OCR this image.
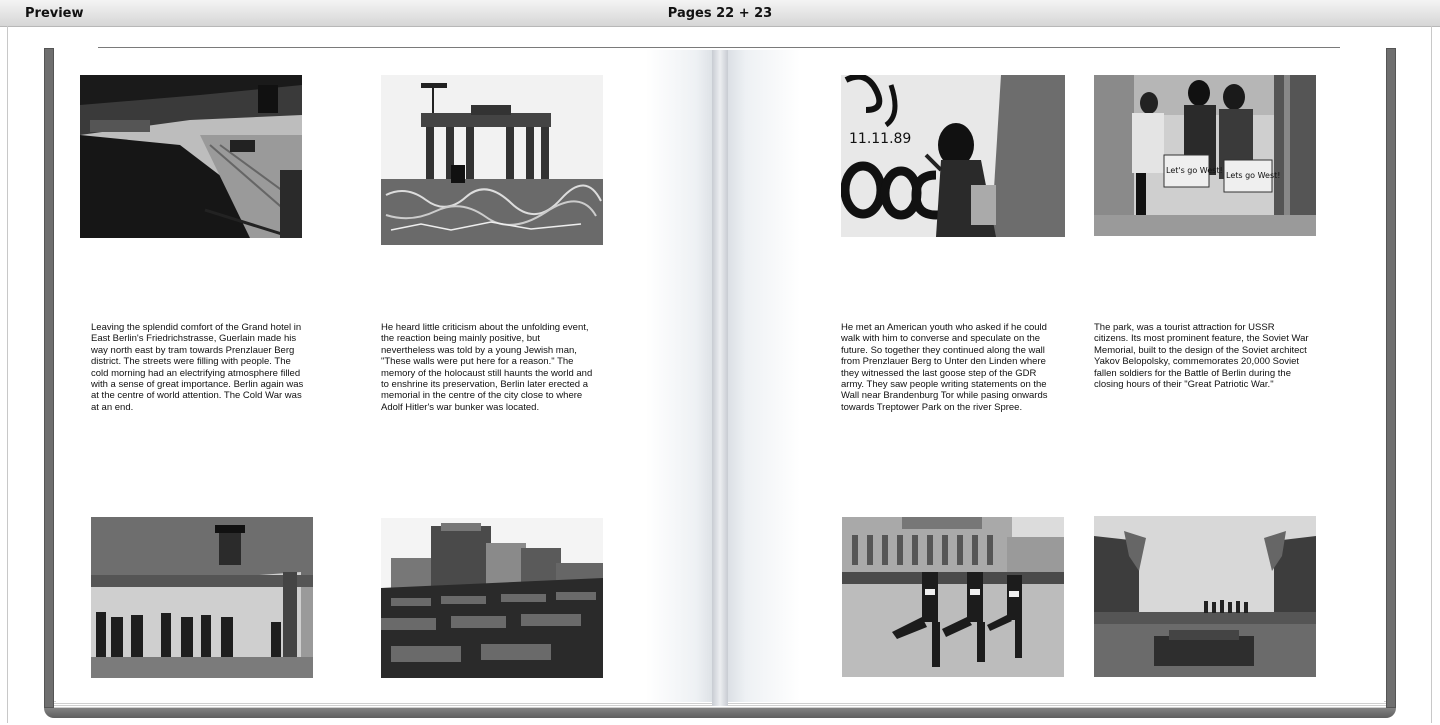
Preview	Pages 22 + 23
11.11.89
Let's go West!
Lets go West!
Leaving the splendid comfort of the Grand hotel in East Berlin's Friedrichstrasse, Guerlain made his way north east by tram towards Prenzlauer Berg district. The streets were filling with people. The cold morning had an electrifying atmosphere filled with a sense of great importance. Berlin again was at the centre of world attention. The Cold War was at an end.
He heard little criticism about the unfolding event, the reaction being mainly positive, but nevertheless was told by a young Jewish man, "These walls were put here for a reason." The memory of the holocaust still haunts the world and to enshrine its preservation, Berlin later erected a memorial in the centre of the city close to where Adolf Hitler's war bunker was located.
He met an American youth who asked if he could walk with him to converse and speculate on the future. So together they continued along the wall from Prenzlauer Berg to Unter den Linden where they witnessed the last goose step of the GDR army. They saw people writing statements on the Wall near Brandenburg Tor while pasing onwards towards Treptower Park on the river Spree.
The park, was a tourist attraction for USSR citizens. Its most prominent feature, the Soviet War Memorial, built to the design of the Soviet architect Yakov Belopolsky, commemorates 20,000 Soviet fallen soldiers for the Battle of Berlin during the closing hours of their "Great Patriotic War."
